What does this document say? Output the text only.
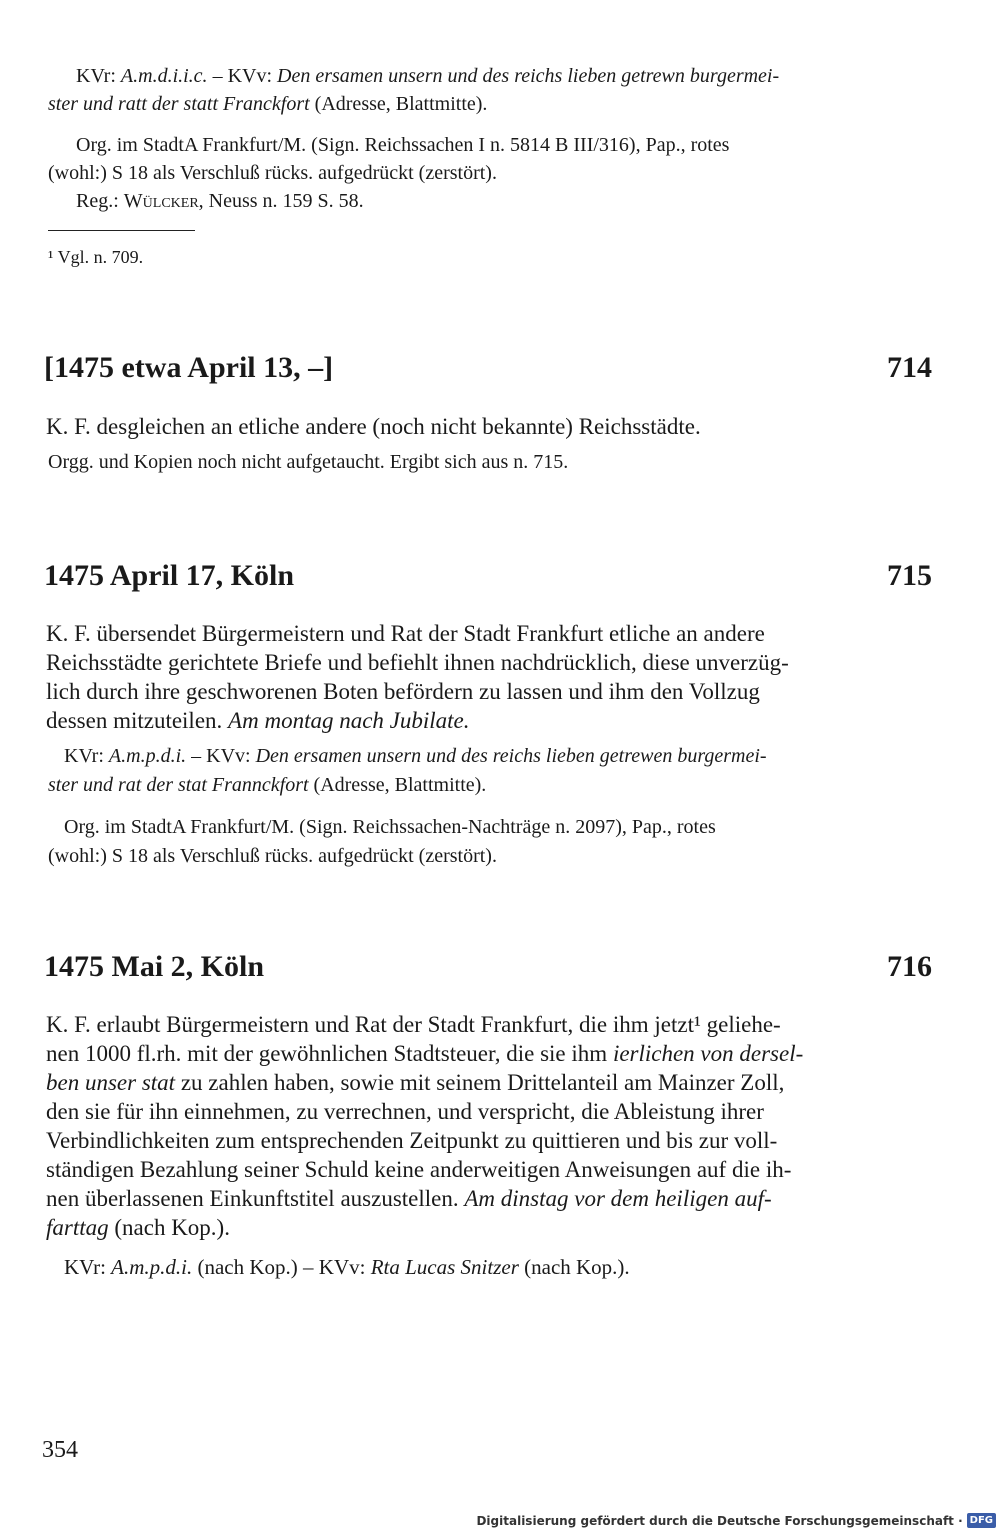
KVr: A.m.d.i.i.c. – KVv: Den ersamen unsern und des reichs lieben getrewn burgermei-
ster und ratt der statt Franckfort (Adresse, Blattmitte).
Org. im StadtA Frankfurt/M. (Sign. Reichssachen I n. 5814 B III/316), Pap., rotes
(wohl:) S 18 als Verschluß rücks. aufgedrückt (zerstört).
Reg.: Wülcker, Neuss n. 159 S. 58.
¹ Vgl. n. 709.
[1475 etwa April 13, –]	714
K. F. desgleichen an etliche andere (noch nicht bekannte) Reichsstädte.
Orgg. und Kopien noch nicht aufgetaucht. Ergibt sich aus n. 715.
1475 April 17, Köln	715
K. F. übersendet Bürgermeistern und Rat der Stadt Frankfurt etliche an andere
Reichsstädte gerichtete Briefe und befiehlt ihnen nachdrücklich, diese unverzüg-
lich durch ihre geschworenen Boten befördern zu lassen und ihm den Vollzug
dessen mitzuteilen. Am montag nach Jubilate.
KVr: A.m.p.d.i. – KVv: Den ersamen unsern und des reichs lieben getrewen burgermei-
ster und rat der stat Frannckfort (Adresse, Blattmitte).
Org. im StadtA Frankfurt/M. (Sign. Reichssachen-Nachträge n. 2097), Pap., rotes
(wohl:) S 18 als Verschluß rücks. aufgedrückt (zerstört).
1475 Mai 2, Köln	716
K. F. erlaubt Bürgermeistern und Rat der Stadt Frankfurt, die ihm jetzt¹ geliehe-
nen 1000 fl.rh. mit der gewöhnlichen Stadtsteuer, die sie ihm ierlichen von dersel-
ben unser stat zu zahlen haben, sowie mit seinem Drittelanteil am Mainzer Zoll,
den sie für ihn einnehmen, zu verrechnen, und verspricht, die Ableistung ihrer
Verbindlichkeiten zum entsprechenden Zeitpunkt zu quittieren und bis zur voll-
ständigen Bezahlung seiner Schuld keine anderweitigen Anweisungen auf die ih-
nen überlassenen Einkunftstitel auszustellen. Am dinstag vor dem heiligen auf-
farttag (nach Kop.).
KVr: A.m.p.d.i. (nach Kop.) – KVv: Rta Lucas Snitzer (nach Kop.).
354
Digitalisierung gefördert durch die Deutsche Forschungsgemeinschaft · DFG
